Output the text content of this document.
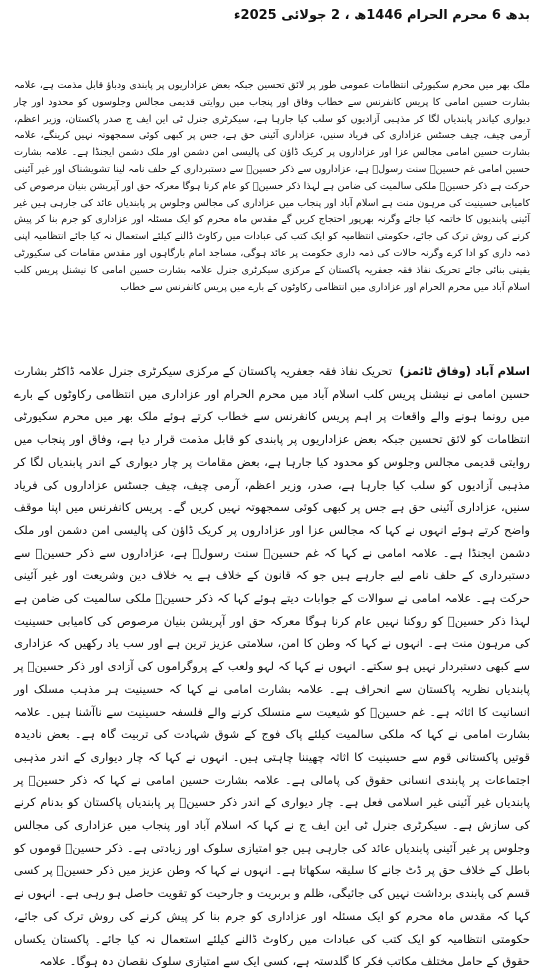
بدھ 6 محرم الحرام 1446ھ ، 2 جولائی 2025ء

ملک بھر میں محرم سکیورٹی انتظامات عمومی طور پر لائق تحسین جبکہ بعض عزاداریوں پر پابندی ودباؤ قابل مذمت ہے، علامہ بشارت حسین امامی کا پریس کانفرنس سے خطاب وفاق اور پنجاب میں روایتی قدیمی مجالس وجلوسوں کو محدود اور چار دیواری کیاندر پابندیاں لگا کر مذہبی آزادیوں کو سلب کیا جارہا ہے، سیکرٹری جنرل ٹی این ایف ج صدر پاکستان، وزیر اعظم، آرمی چیف، چیف جسٹس عزاداری کی فریاد سنیں، عزاداری آئینی حق ہے، جس پر کبھی کوئی سمجھوتہ نہیں کرینگے، علامہ بشارت حسین امامی مجالس عزا اور عزاداروں پر کریک ڈاؤن کی پالیسی امن دشمن اور ملک دشمن ایجنڈا ہے۔ علامہ بشارت حسین امامی غم حسینؑ سنت رسولؐ ہے، عزاداروں سے ذکر حسینؑ سے دستبرداری کے حلف نامہ لینا تشویشناک اور غیر آئینی حرکت ہے ذکر حسینؑ ملکی سالمیت کی ضامن ہے لہذا ذکر حسینؑ کو عام کرنا ہوگا معرکہ حق اور آپریشن بنیان مرصوص کی کامیابی حسینیت کی مرہون منت ہے اسلام آباد اور پنجاب میں عزاداری کی مجالس وجلوس پر پابندیاں عائد کی جارہی ہیں غیر آئینی پابندیوں کا خاتمہ کیا جائے وگرنہ بھرپور احتجاج کریں گے مقدس ماہ محرم کو ایک مسئلہ اور عزاداری کو جرم بنا کر پیش کرنے کی روش ترک کی جائے، حکومتی انتظامیہ کو ایک کتب کی عبادات میں رکاوٹ ڈالنے کیلئے استعمال نہ کیا جائے انتظامیہ اپنی ذمہ داری کو ادا کرے وگرنہ حالات کی ذمہ داری حکومت پر عائد ہوگی، مساجد امام بارگاہوں اور مقدس مقامات کی سکیورٹی یقینی بنائی جائے تحریک نفاذ فقہ جعفریہ پاکستان کے مرکزی سیکرٹری جنرل علامہ بشارت حسین امامی کا نیشنل پریس کلب اسلام آباد میں محرم الحرام اور عزاداری میں انتظامی رکاوٹوں کے بارے میں پریس کانفرنس سے خطاب

اسلام آباد (وفاق ٹائمز)  تحریک نفاذ فقہ جعفریہ پاکستان کے مرکزی سیکرٹری جنرل علامہ ڈاکٹر بشارت حسین امامی نے نیشنل پریس کلب اسلام آباد میں محرم الحرام اور عزاداری میں انتظامی رکاوٹوں کے بارے میں رونما ہونے والے واقعات پر اہم پریس کانفرنس سے خطاب کرتے ہوئے ملک بھر میں محرم سکیورٹی انتظامات کو لائق تحسین جبکہ بعض عزاداریوں پر پابندی کو قابل مذمت قرار دیا ہے، وفاق اور پنجاب میں روایتی قدیمی مجالس وجلوس کو محدود کیا جارہا ہے، بعض مقامات پر چار دیواری کے اندر پابندیاں لگا کر مذہبی آزادیوں کو سلب کیا جارہا ہے، صدر، وزیر اعظم، آرمی چیف، چیف جسٹس عزاداروں کی فریاد سنیں، عزاداری آئینی حق ہے جس پر کبھی کوئی سمجھوتہ نہیں کریں گے۔ پریس کانفرنس میں اپنا موقف واضح کرتے ہوئے انہوں نے کہا کہ مجالس عزا اور عزاداروں پر کریک ڈاؤن کی پالیسی امن دشمن اور ملک دشمن ایجنڈا ہے۔ علامہ امامی نے کہا کہ غم حسینؑ سنت رسولؐ ہے، عزاداروں سے ذکر حسینؑ سے دستبرداری کے حلف نامے لیے جارہے ہیں جو کہ قانون کے خلاف ہے یہ خلاف دین وشریعت اور غیر آئینی حرکت ہے۔ علامہ امامی نے سوالات کے جوابات دیتے ہوئے کہا کہ ذکر حسینؑ ملکی سالمیت کی ضامن ہے لہذا ذکر حسینؑ کو روکنا نہیں عام کرنا ہوگا معرکہ حق اور آپریشن بنیان مرصوص کی کامیابی حسینیت کی مرہون منت ہے۔ انہوں نے کہا کہ وطن کا امن، سلامتی عزیز ترین ہے اور سب یاد رکھیں کہ عزاداری سے کبھی دستبردار نہیں ہو سکتے۔ انہوں نے کہا کہ لہو ولعب کے پروگراموں کی آزادی اور ذکر حسینؑ پر پابندیاں نظریہ پاکستان سے انحراف ہے۔ علامہ بشارت امامی نے کہا کہ حسینیت ہر مذہب مسلک اور انسانیت کا اثاثہ ہے۔ غم حسینؑ کو شیعیت سے منسلک کرنے والے فلسفہ حسینیت سے ناآشنا ہیں۔ علامہ بشارت امامی نے کہا کہ ملکی سالمیت کیلئے پاک فوج کے شوق شہادت کی تربیت گاہ ہے۔ بعض نادیدہ قوتیں پاکستانی قوم سے حسینیت کا اثاثہ چھیننا چاہتی ہیں۔ انہوں نے کہا کہ چار دیواری کے اندر مذہبی اجتماعات پر پابندی انسانی حقوق کی پامالی ہے۔ علامہ بشارت حسین امامی نے کہا کہ ذکر حسینؑ پر پابندیاں غیر آئینی غیر اسلامی فعل ہے۔ چار دیواری کے اندر ذکر حسینؑ پر پابندیاں پاکستان کو بدنام کرنے کی سازش ہے۔ سیکرٹری جنرل ٹی این ایف ج نے کہا کہ اسلام آباد اور پنجاب میں عزاداری کی مجالس وجلوس پر غیر آئینی پابندیاں عائد کی جارہی ہیں جو امتیازی سلوک اور زیادتی ہے۔ ذکر حسینؑ قوموں کو باطل کے خلاف حق پر ڈٹ جانے کا سلیقہ سکھاتا ہے۔ انہوں نے کہا کہ وطن عزیز میں ذکر حسینؑ پر کسی قسم کی پابندی برداشت نہیں کی جائیگی، ظلم و بربریت و جارحیت کو تقویت حاصل ہو رہی ہے۔ انہوں نے کہا کہ مقدس ماہ محرم کو ایک مسئلہ اور عزاداری کو جرم بنا کر پیش کرنے کی روش ترک کی جائے، حکومتی انتظامیہ کو ایک کتب کی عبادات میں رکاوٹ ڈالنے کیلئے استعمال نہ کیا جائے۔ پاکستان یکساں حقوق کے حامل مختلف مکاتب فکر کا گلدستہ ہے، کسی ایک سے امتیازی سلوک نقصان دہ ہوگا۔ علامہ
